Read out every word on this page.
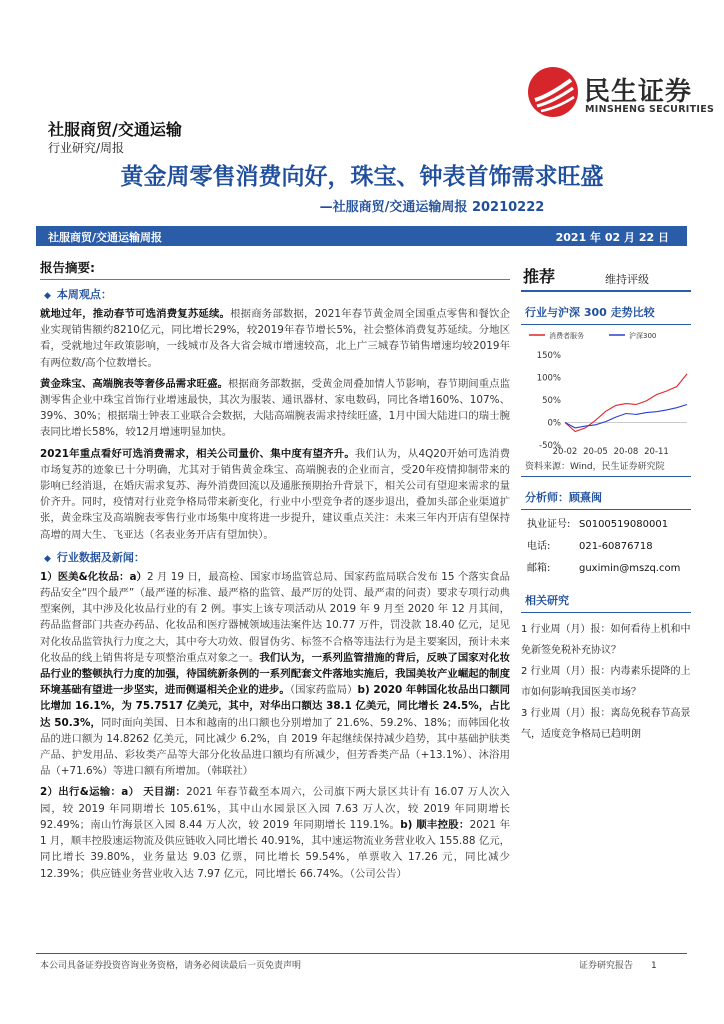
民生证券
MINSHENG SECURITIES
社服商贸/交通运输
行业研究/周报
黄金周零售消费向好，珠宝、钟表首饰需求旺盛
—社服商贸/交通运输周报 20210222
社服商贸/交通运输周报	2021 年 02 月 22 日
报告摘要:
◆ 本周观点：

就地过年，推动春节可选消费复苏延续。根据商务部数据，2021年春节黄金周全国重点零售和餐饮企业实现销售额约8210亿元，同比增长29%，较2019年春节增长5%，社会整体消费复苏延续。分地区看，受就地过年政策影响，一线城市及各大省会城市增速较高，北上广三城春节销售增速均较2019年有两位数/高个位数增长。

黄金珠宝、高端腕表等奢侈品需求旺盛。根据商务部数据，受黄金周叠加情人节影响，春节期间重点监测零售企业中珠宝首饰行业增速最快，其次为服装、通讯器材、家电数码，同比各增160%、107%、39%、30%；根据瑞士钟表工业联合会数据，大陆高端腕表需求持续旺盛，1月中国大陆进口的瑞士腕表同比增长58%，较12月增速明显加快。

2021年重点看好可选消费需求，相关公司量价、集中度有望齐升。我们认为，从4Q20开始可选消费市场复苏的迹象已十分明确，尤其对于销售黄金珠宝、高端腕表的企业而言，受20年疫情抑制带来的影响已经消退，在婚庆需求复苏、海外消费回流以及通胀预期抬升背景下，相关公司有望迎来需求的量价齐升。同时，疫情对行业竞争格局带来新变化，行业中小型竞争者的逐步退出，叠加头部企业渠道扩张，黄金珠宝及高端腕表零售行业市场集中度将进一步提升，建议重点关注：未来三年内开店有望保持高增的周大生、飞亚达（名表业务开店有望加快）。

◆ 行业数据及新闻：

1）医美&化妆品：a）2 月 19 日，最高检、国家市场监管总局、国家药监局联合发布 15 个落实食品药品安全“四个最严”（最严谨的标准、最严格的监管、最严厉的处罚、最严肃的问责）要求专项行动典型案例，其中涉及化妆品行业的有 2 例。事实上该专项活动从 2019 年 9 月至 2020 年 12 月其间，药品监督部门共查办药品、化妆品和医疗器械领域违法案件达 10.77 万件，罚没款 18.40 亿元，足见对化妆品监管执行力度之大，其中夸大功效、假冒伪劣、标签不合格等违法行为是主要案因，预计未来化妆品的线上销售将是专项整治重点对象之一。我们认为，一系列监管措施的背后，反映了国家对化妆品行业的整顿执行力度的加强，待国统新条例的一系列配套文件落地实施后，我国美妆产业崛起的制度环境基础有望进一步坚实，进而侧逼相关企业的进步。（国家药监局）b) 2020 年韩国化妆品出口额同比增加 16.1%，为 75.7517 亿美元，其中，对华出口额达 38.1 亿美元，同比增长 24.5%，占比达 50.3%，同时面向美国、日本和越南的出口额也分别增加了 21.6%、59.2%、18%；而韩国化妆品的进口额为 14.8262 亿美元，同比减少 6.2%，自 2019 年起继续保持减少趋势，其中基础护肤类产品、护发用品、彩妆类产品等大部分化妆品进口额均有所减少，但芳香类产品（+13.1%）、沐浴用品（+71.6%）等进口额有所增加。（韩联社）

2）出行&运输：a） 天目湖：2021 年春节截至本周六，公司旗下两大景区共计有 16.07 万人次入园，较 2019 年同期增长 105.61%，其中山水园景区入园 7.63 万人次，较 2019 年同期增长 92.49%；南山竹海景区入园 8.44 万人次，较 2019 年同期增长 119.1%。b) 顺丰控股：2021 年 1 月，顺丰控股速运物流及供应链收入同比增长 40.91%，其中速运物流业务营业收入 155.88 亿元，同比增长 39.80%，业务量达 9.03 亿票，同比增长 59.54%，单票收入 17.26 元，同比减少 12.39%；供应链业务营业收入达 7.97 亿元，同比增长 66.74%。（公司公告）

推荐	维持评级
行业与沪深 300 走势比较
消费者服务	沪深300
150%
100%
50%
0%
-50%
20-02 20-05 20-08 20-11
资料来源：Wind，民生证券研究院
分析师：顾熹闽
执业证号: S0100519080001
电话:	021-60876718
邮箱:	guximin@mszq.com
相关研究
1 行业周（月）报：如何看待上机和中免新签免税补充协议？
2 行业周（月）报：内毒素乐提降的上市如何影响我国医美市场？
3 行业周（月）报：离岛免税春节高景气，适度竞争格局已趋明朗
本公司具备证券投资咨询业务资格，请务必阅读最后一页免责声明	证券研究报告　　1
